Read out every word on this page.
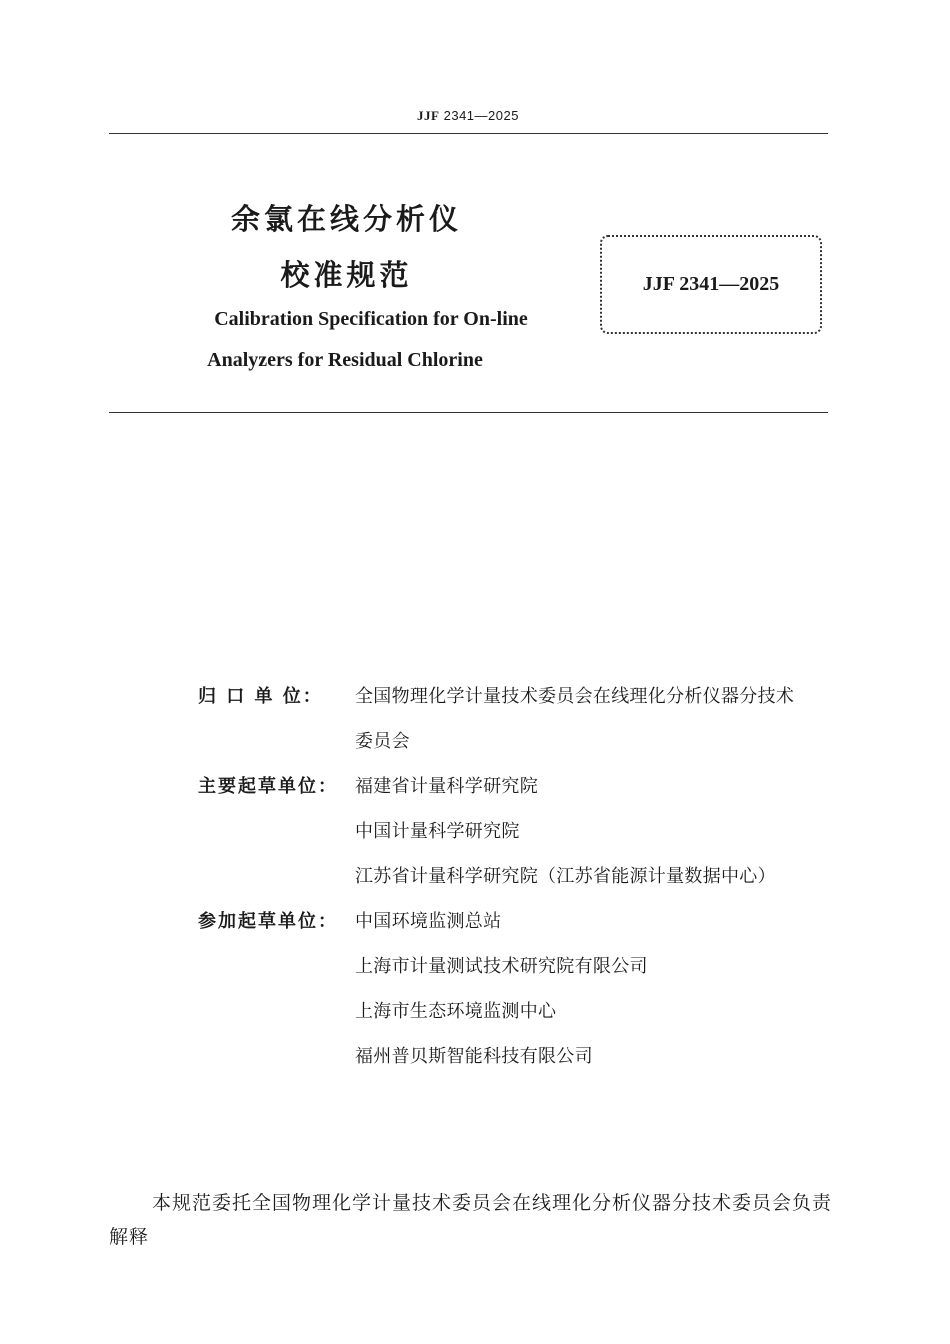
JJF 2341—2025
余氯在线分析仪
校准规范
Calibration Specification for On-line
Analyzers for Residual Chlorine
JJF 2341—2025
归 口 单 位：	全国物理化学计量技术委员会在线理化分析仪器分技术
委员会
主要起草单位： 福建省计量科学研究院
中国计量科学研究院
江苏省计量科学研究院（江苏省能源计量数据中心）
参加起草单位： 中国环境监测总站
上海市计量测试技术研究院有限公司
上海市生态环境监测中心
福州普贝斯智能科技有限公司
本规范委托全国物理化学计量技术委员会在线理化分析仪器分技术委员会负责解释
